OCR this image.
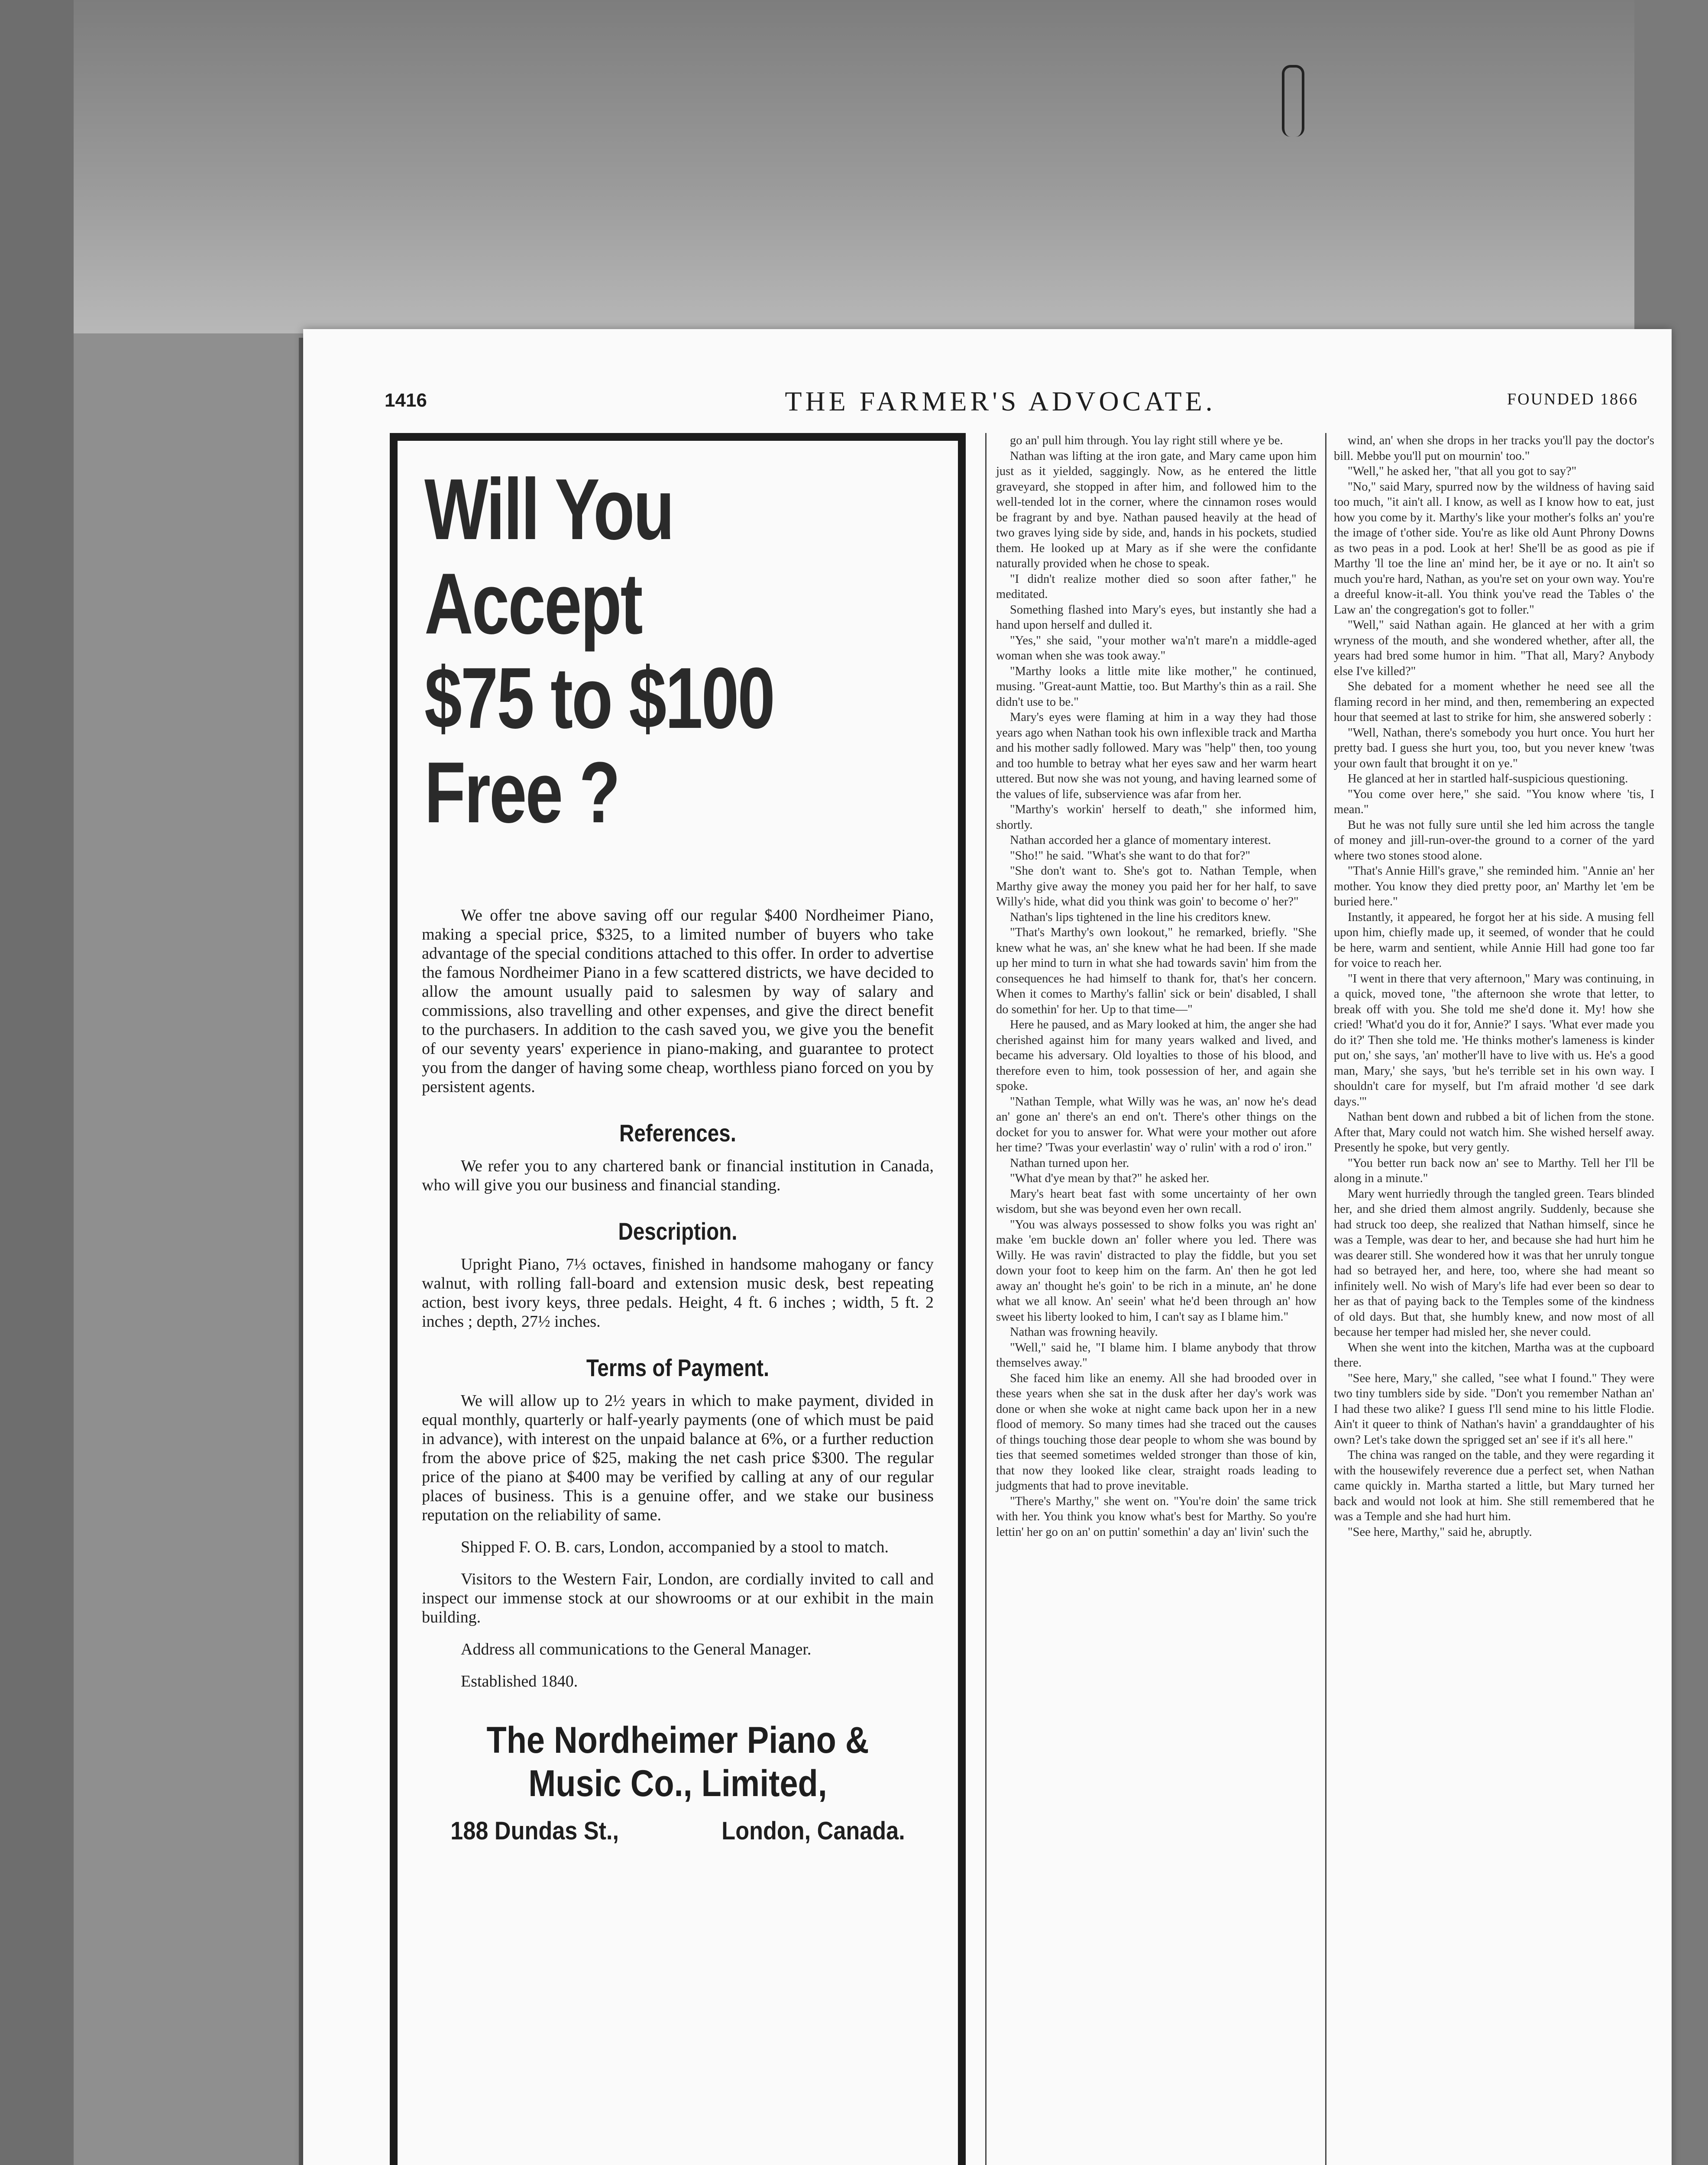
1416	THE FARMER'S ADVOCATE.	FOUNDED 1866
Will You
Accept
$75 to $100
Free ?

We offer tne above saving off our regular $400 Nordheimer Piano, making a special price, $325, to a limited number of buyers who take advantage of the special conditions attached to this offer. In order to advertise the famous Nordheimer Piano in a few scattered districts, we have decided to allow the amount usually paid to salesmen by way of salary and commissions, also travelling and other expenses, and give the direct benefit to the purchasers. In addition to the cash saved you, we give you the benefit of our seventy years' experience in piano-making, and guarantee to protect you from the danger of having some cheap, worthless piano forced on you by persistent agents.

References.

We refer you to any chartered bank or financial institution in Canada, who will give you our business and financial standing.

Description.

Upright Piano, 7⅓ octaves, finished in handsome mahogany or fancy walnut, with rolling fall-board and extension music desk, best repeating action, best ivory keys, three pedals. Height, 4 ft. 6 inches ; width, 5 ft. 2 inches ; depth, 27½ inches.

Terms of Payment.

We will allow up to 2½ years in which to make payment, divided in equal monthly, quarterly or half-yearly payments (one of which must be paid in advance), with interest on the unpaid balance at 6%, or a further reduction from the above price of $25, making the net cash price $300. The regular price of the piano at $400 may be verified by calling at any of our regular places of business. This is a genuine offer, and we stake our business reputation on the reliability of same.

Shipped F. O. B. cars, London, accompanied by a stool to match.

Visitors to the Western Fair, London, are cordially invited to call and inspect our immense stock at our showrooms or at our exhibit in the main building.

Address all communications to the General Manager.

Established 1840.

The Nordheimer Piano &
Music Co., Limited,
188 Dundas St.,	London, Canada.

go an' pull him through. You lay right still where ye be.

Nathan was lifting at the iron gate, and Mary came upon him just as it yielded, saggingly. Now, as he entered the little graveyard, she stopped in after him, and followed him to the well-tended lot in the corner, where the cinnamon roses would be fragrant by and bye. Nathan paused heavily at the head of two graves lying side by side, and, hands in his pockets, studied them. He looked up at Mary as if she were the confidante naturally provided when he chose to speak.

"I didn't realize mother died so soon after father," he meditated.

Something flashed into Mary's eyes, but instantly she had a hand upon herself and dulled it.

"Yes," she said, "your mother wa'n't mare'n a middle-aged woman when she was took away."

"Marthy looks a little mite like mother," he continued, musing. "Great-aunt Mattie, too. But Marthy's thin as a rail. She didn't use to be."

Mary's eyes were flaming at him in a way they had those years ago when Nathan took his own inflexible track and Martha and his mother sadly followed. Mary was "help" then, too young and too humble to betray what her eyes saw and her warm heart uttered. But now she was not young, and having learned some of the values of life, subservience was afar from her.

"Marthy's workin' herself to death," she informed him, shortly.

Nathan accorded her a glance of momentary interest.

"Sho!" he said. "What's she want to do that for?"

"She don't want to. She's got to. Nathan Temple, when Marthy give away the money you paid her for her half, to save Willy's hide, what did you think was goin' to become o' her?"

Nathan's lips tightened in the line his creditors knew.

"That's Marthy's own lookout," he remarked, briefly. "She knew what he was, an' she knew what he had been. If she made up her mind to turn in what she had towards savin' him from the consequences he had himself to thank for, that's her concern. When it comes to Marthy's fallin' sick or bein' disabled, I shall do somethin' for her. Up to that time—"

Here he paused, and as Mary looked at him, the anger she had cherished against him for many years walked and lived, and became his adversary. Old loyalties to those of his blood, and therefore even to him, took possession of her, and again she spoke.

"Nathan Temple, what Willy was he was, an' now he's dead an' gone an' there's an end on't. There's other things on the docket for you to answer for. What were your mother out afore her time? 'Twas your everlastin' way o' rulin' with a rod o' iron."

Nathan turned upon her.

"What d'ye mean by that?" he asked her.

Mary's heart beat fast with some uncertainty of her own wisdom, but she was beyond even her own recall.

"You was always possessed to show folks you was right an' make 'em buckle down an' foller where you led. There was Willy. He was ravin' distracted to play the fiddle, but you set down your foot to keep him on the farm. An' then he got led away an' thought he's goin' to be rich in a minute, an' he done what we all know. An' seein' what he'd been through an' how sweet his liberty looked to him, I can't say as I blame him."

Nathan was frowning heavily.

"Well," said he, "I blame him. I blame anybody that throw themselves away."

She faced him like an enemy. All she had brooded over in these years when she sat in the dusk after her day's work was done or when she woke at night came back upon her in a new flood of memory. So many times had she traced out the causes of things touching those dear people to whom she was bound by ties that seemed sometimes welded stronger than those of kin, that now they looked like clear, straight roads leading to judgments that had to prove inevitable.

"There's Marthy," she went on. "You're doin' the same trick with her. You think you know what's best for Marthy. So you're lettin' her go on an' on puttin' somethin' a day an' livin' such the

wind, an' when she drops in her tracks you'll pay the doctor's bill. Mebbe you'll put on mournin' too."

"Well," he asked her, "that all you got to say?"

"No," said Mary, spurred now by the wildness of having said too much, "it ain't all. I know, as well as I know how to eat, just how you come by it. Marthy's like your mother's folks an' you're the image of t'other side. You're as like old Aunt Phrony Downs as two peas in a pod. Look at her! She'll be as good as pie if Marthy 'll toe the line an' mind her, be it aye or no. It ain't so much you're hard, Nathan, as you're set on your own way. You're a dreeful know-it-all. You think you've read the Tables o' the Law an' the congregation's got to foller."

"Well," said Nathan again. He glanced at her with a grim wryness of the mouth, and she wondered whether, after all, the years had bred some humor in him. "That all, Mary? Anybody else I've killed?"

She debated for a moment whether he need see all the flaming record in her mind, and then, remembering an expected hour that seemed at last to strike for him, she answered soberly :

"Well, Nathan, there's somebody you hurt once. You hurt her pretty bad. I guess she hurt you, too, but you never knew 'twas your own fault that brought it on ye."

He glanced at her in startled half-suspicious questioning.

"You come over here," she said. "You know where 'tis, I mean."

But he was not fully sure until she led him across the tangle of money and jill-run-over-the ground to a corner of the yard where two stones stood alone.

"That's Annie Hill's grave," she reminded him. "Annie an' her mother. You know they died pretty poor, an' Marthy let 'em be buried here."

Instantly, it appeared, he forgot her at his side. A musing fell upon him, chiefly made up, it seemed, of wonder that he could be here, warm and sentient, while Annie Hill had gone too far for voice to reach her.

"I went in there that very afternoon," Mary was continuing, in a quick, moved tone, "the afternoon she wrote that letter, to break off with you. She told me she'd done it. My! how she cried! 'What'd you do it for, Annie?' I says. 'What ever made you do it?' Then she told me. 'He thinks mother's lameness is kinder put on,' she says, 'an' mother'll have to live with us. He's a good man, Mary,' she says, 'but he's terrible set in his own way. I shouldn't care for myself, but I'm afraid mother 'd see dark days.'"

Nathan bent down and rubbed a bit of lichen from the stone. After that, Mary could not watch him. She wished herself away. Presently he spoke, but very gently.

"You better run back now an' see to Marthy. Tell her I'll be along in a minute."

Mary went hurriedly through the tangled green. Tears blinded her, and she dried them almost angrily. Suddenly, because she had struck too deep, she realized that Nathan himself, since he was a Temple, was dear to her, and because she had hurt him he was dearer still. She wondered how it was that her unruly tongue had so betrayed her, and here, too, where she had meant so infinitely well. No wish of Mary's life had ever been so dear to her as that of paying back to the Temples some of the kindness of old days. But that, she humbly knew, and now most of all because her temper had misled her, she never could.

When she went into the kitchen, Martha was at the cupboard there.

"See here, Mary," she called, "see what I found." They were two tiny tumblers side by side. "Don't you remember Nathan an' I had these two alike? I guess I'll send mine to his little Flodie. Ain't it queer to think of Nathan's havin' a granddaughter of his own? Let's take down the sprigged set an' see if it's all here."

The china was ranged on the table, and they were regarding it with the housewifely reverence due a perfect set, when Nathan came quickly in. Martha started a little, but Mary turned her back and would not look at him. She still remembered that he was a Temple and she had hurt him.

"See here, Marthy," said he, abruptly.
